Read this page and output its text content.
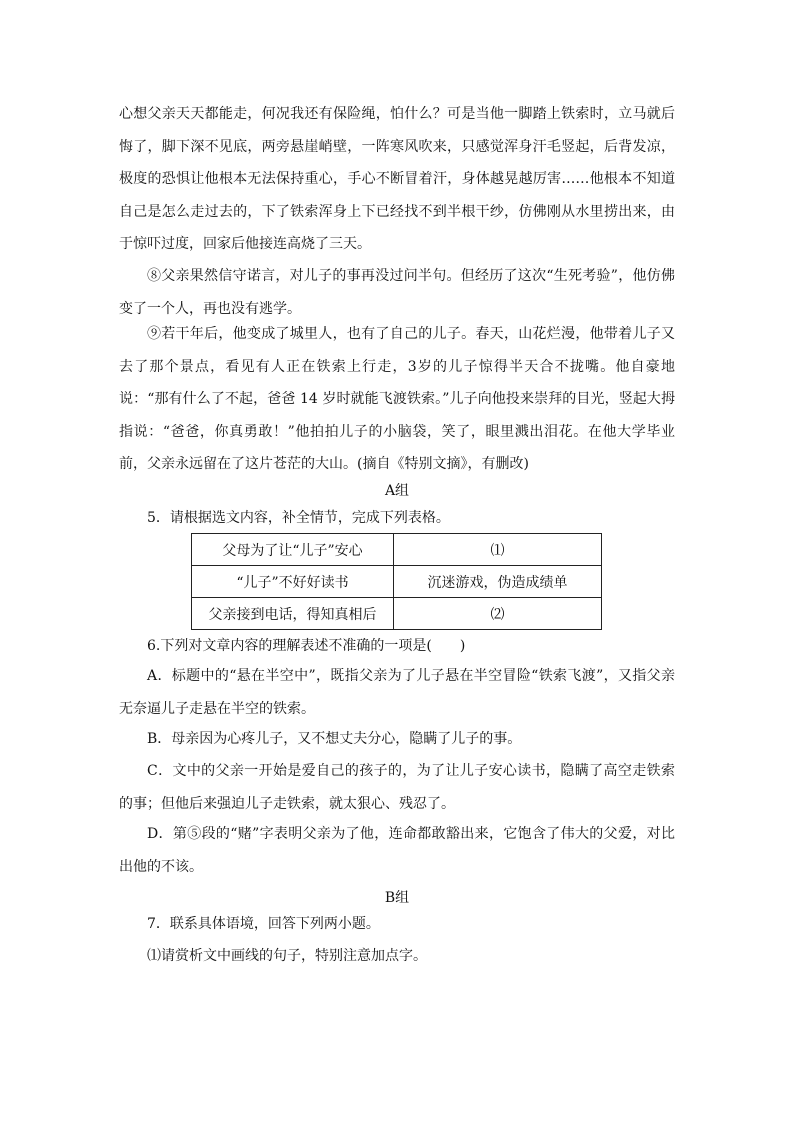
心想父亲天天都能走，何况我还有保险绳，怕什么？可是当他一脚踏上铁索时，立马就后悔了，脚下深不见底，两旁悬崖峭壁，一阵寒风吹来，只感觉浑身汗毛竖起，后背发凉，极度的恐惧让他根本无法保持重心，手心不断冒着汗，身体越晃越厉害……他根本不知道自己是怎么走过去的，下了铁索浑身上下已经找不到半根干纱，仿佛刚从水里捞出来，由于惊吓过度，回家后他接连高烧了三天。

⑧父亲果然信守诺言，对儿子的事再没过问半句。但经历了这次“生死考验”，他仿佛变了一个人，再也没有逃学。

⑨若干年后，他变成了城里人，也有了自己的儿子。春天，山花烂漫，他带着儿子又去了那个景点，看见有人正在铁索上行走，3岁的儿子惊得半天合不拢嘴。他自豪地说：“那有什么了不起，爸爸 14 岁时就能飞渡铁索。”儿子向他投来崇拜的目光，竖起大拇指说：“爸爸，你真勇敢！”他拍拍儿子的小脑袋，笑了，眼里溅出泪花。在他大学毕业前，父亲永远留在了这片苍茫的大山。(摘自《特别文摘》，有删改)

A组

5．请根据选文内容，补全情节，完成下列表格。

父母为了让“儿子”安心	⑴
“儿子”不好好读书	沉迷游戏，伪造成绩单
父亲接到电话，得知真相后	⑵

6.下列对文章内容的理解表述不准确的一项是(　　)

A．标题中的“悬在半空中”，既指父亲为了儿子悬在半空冒险“铁索飞渡”，又指父亲无奈逼儿子走悬在半空的铁索。

B．母亲因为心疼儿子，又不想丈夫分心，隐瞒了儿子的事。

C．文中的父亲一开始是爱自己的孩子的，为了让儿子安心读书，隐瞒了高空走铁索的事；但他后来强迫儿子走铁索，就太狠心、残忍了。

D．第⑤段的“赌”字表明父亲为了他，连命都敢豁出来，它饱含了伟大的父爱，对比出他的不该。

B组

7．联系具体语境，回答下列两小题。

⑴请赏析文中画线的句子，特别注意加点字。
